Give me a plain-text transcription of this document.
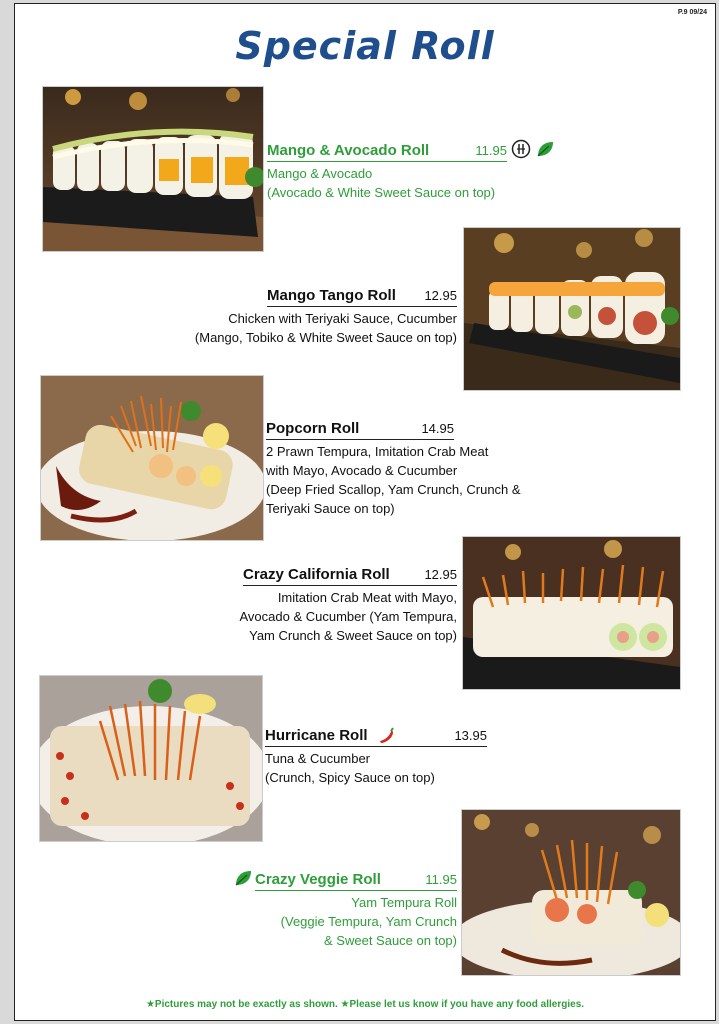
P.9 09/24
Special Roll
Mango & Avocado Roll	11.95
Mango & Avocado
(Avocado & White Sweet Sauce on top)
Mango Tango Roll 12.95
Chicken with Teriyaki Sauce, Cucumber
(Mango, Tobiko & White Sweet Sauce on top)
Popcorn Roll	14.95
2 Prawn Tempura, Imitation Crab Meat
with Mayo, Avocado & Cucumber
(Deep Fried Scallop, Yam Crunch, Crunch &
Teriyaki Sauce on top)
Crazy California Roll	12.95
Imitation Crab Meat with Mayo,
Avocado & Cucumber (Yam Tempura,
Yam Crunch & Sweet Sauce on top)
Hurricane Roll	13.95
Tuna & Cucumber
(Crunch, Spicy Sauce on top)
Crazy Veggie Roll	11.95
Yam Tempura Roll
(Veggie Tempura, Yam Crunch
& Sweet Sauce on top)
★Pictures may not be exactly as shown. ★Please let us know if you have any food allergies.
